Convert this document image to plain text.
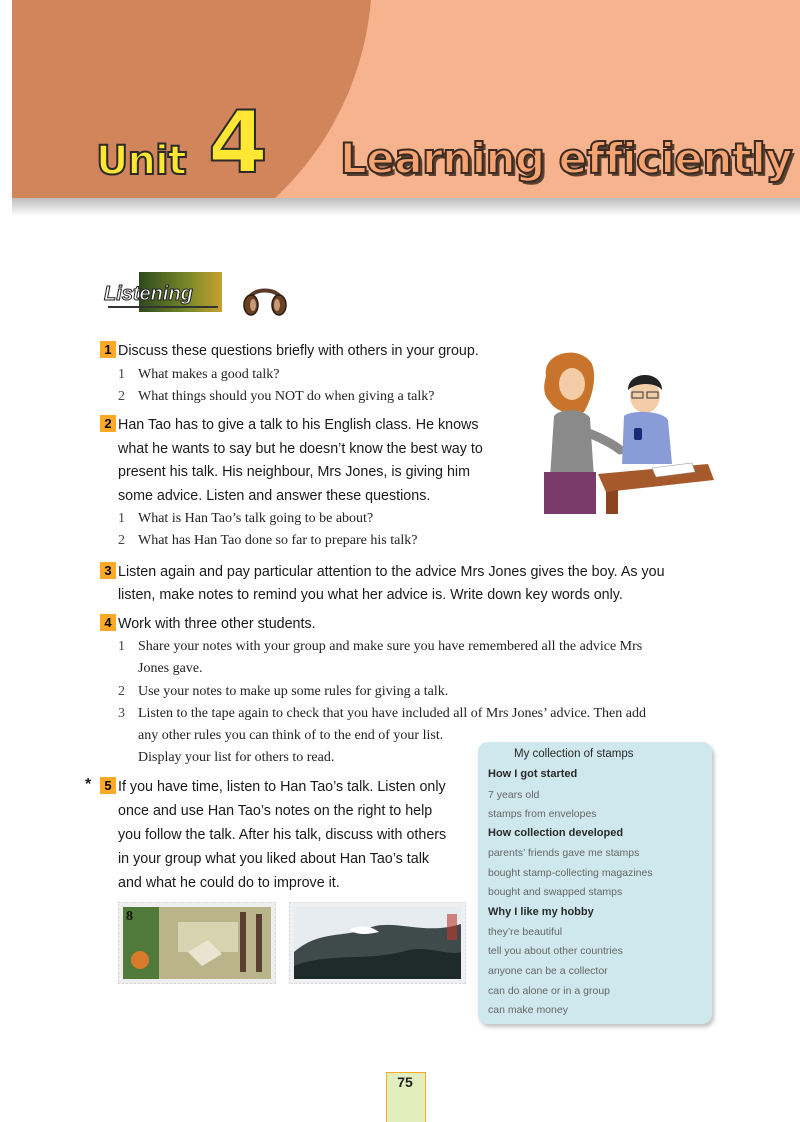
Unit 4 Learning efficiently
Listening
1 Discuss these questions briefly with others in your group.
1 What makes a good talk?
2 What things should you NOT do when giving a talk?
2 Han Tao has to give a talk to his English class. He knows
what he wants to say but he doesn’t know the best way to
present his talk. His neighbour, Mrs Jones, is giving him
some advice. Listen and answer these questions.
1 What is Han Tao’s talk going to be about?
2 What has Han Tao done so far to prepare his talk?
3 Listen again and pay particular attention to the advice Mrs Jones gives the boy. As you
listen, make notes to remind you what her advice is. Write down key words only.
4 Work with three other students.
1 Share your notes with your group and make sure you have remembered all the advice Mrs
Jones gave.
2 Use your notes to make up some rules for giving a talk.
3 Listen to the tape again to check that you have included all of Mrs Jones’ advice. Then add
any other rules you can think of to the end of your list.
Display your list for others to read.
*	5 If you have time, listen to Han Tao’s talk. Listen only
once and use Han Tao’s notes on the right to help
you follow the talk. After his talk, discuss with others
in your group what you liked about Han Tao’s talk
and what he could do to improve it.
My collection of stamps
How I got started
7 years old
stamps from envelopes
How collection developed
parents’ friends gave me stamps
bought stamp-collecting magazines
bought and swapped stamps
Why I like my hobby
they’re beautiful
tell you about other countries
anyone can be a collector
can do alone or in a group
can make money
8
75
